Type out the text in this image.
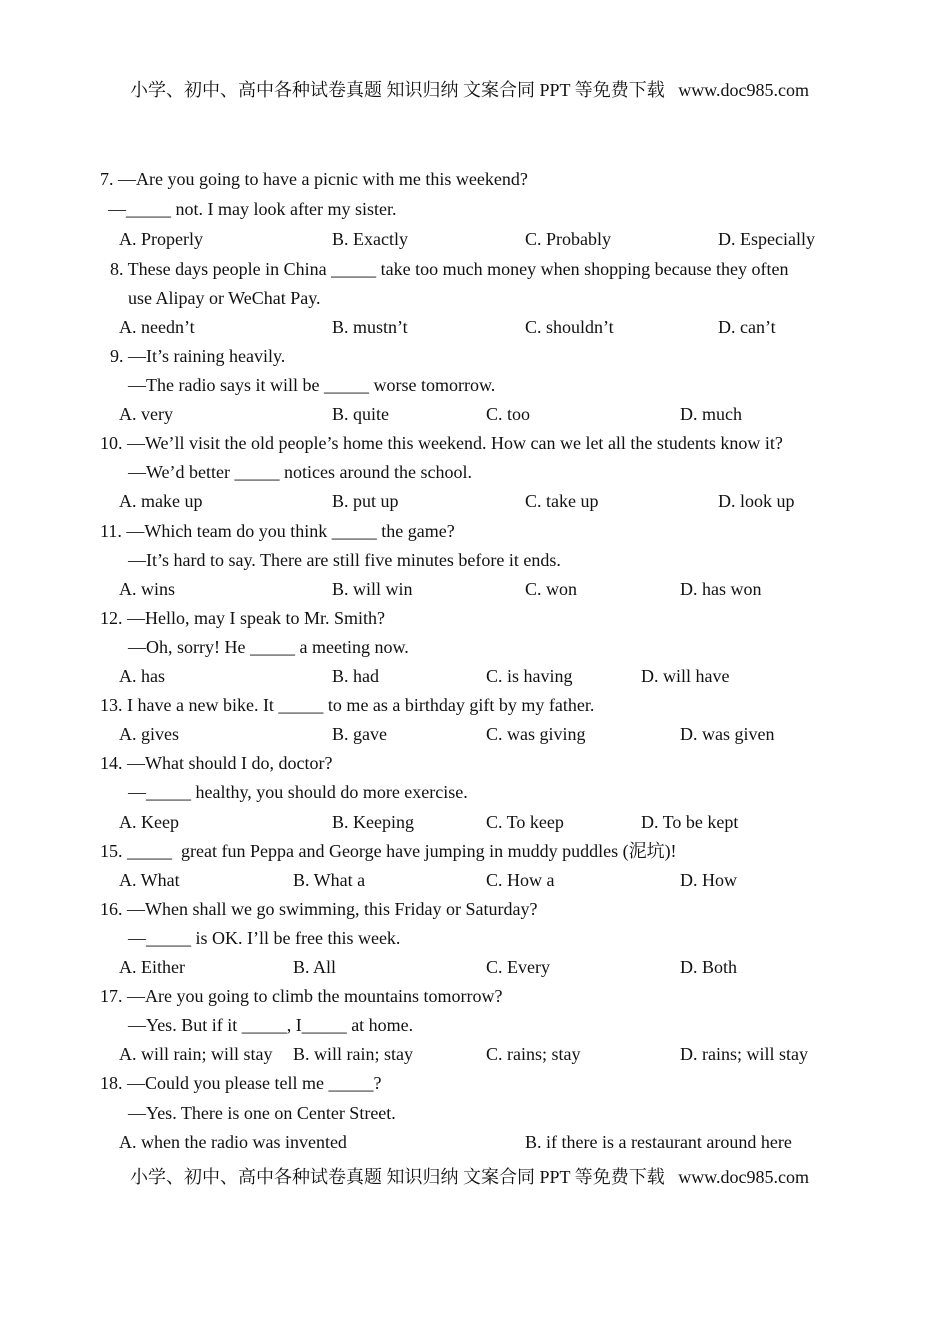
小学、初中、高中各种试卷真题 知识归纳 文案合同 PPT 等免费下载   www.doc985.com
7. —Are you going to have a picnic with me this weekend?
—_____ not. I may look after my sister.
A. Properly	B. Exactly	C. Probably	D. Especially
8. These days people in China _____ take too much money when shopping because they often
use Alipay or WeChat Pay.
A. needn’t	B. mustn’t	C. shouldn’t	D. can’t
9. —It’s raining heavily.
—The radio says it will be _____ worse tomorrow.
A. very	B. quite	C. too	D. much
10. —We’ll visit the old people’s home this weekend. How can we let all the students know it?
—We’d better _____ notices around the school.
A. make up	B. put up	C. take up	D. look up
11. —Which team do you think _____ the game?
—It’s hard to say. There are still five minutes before it ends.
A. wins	B. will win	C. won	D. has won
12. —Hello, may I speak to Mr. Smith?
—Oh, sorry! He _____ a meeting now.
A. has	B. had	C. is having	D. will have
13. I have a new bike. It _____ to me as a birthday gift by my father.
A. gives	B. gave	C. was giving	D. was given
14. —What should I do, doctor?
—_____ healthy, you should do more exercise.
A. Keep	B. Keeping	C. To keep	D. To be kept
15. _____  great fun Peppa and George have jumping in muddy puddles (泥坑)!
A. What	B. What a	C. How a	D. How
16. —When shall we go swimming, this Friday or Saturday?
—_____ is OK. I’ll be free this week.
A. Either	B. All	C. Every	D. Both
17. —Are you going to climb the mountains tomorrow?
—Yes. But if it _____, I_____ at home.
A. will rain; will stay B. will rain; stay	C. rains; stay	D. rains; will stay
18. —Could you please tell me _____?
—Yes. There is one on Center Street.
A. when the radio was invented	B. if there is a restaurant around here
小学、初中、高中各种试卷真题 知识归纳 文案合同 PPT 等免费下载   www.doc985.com
